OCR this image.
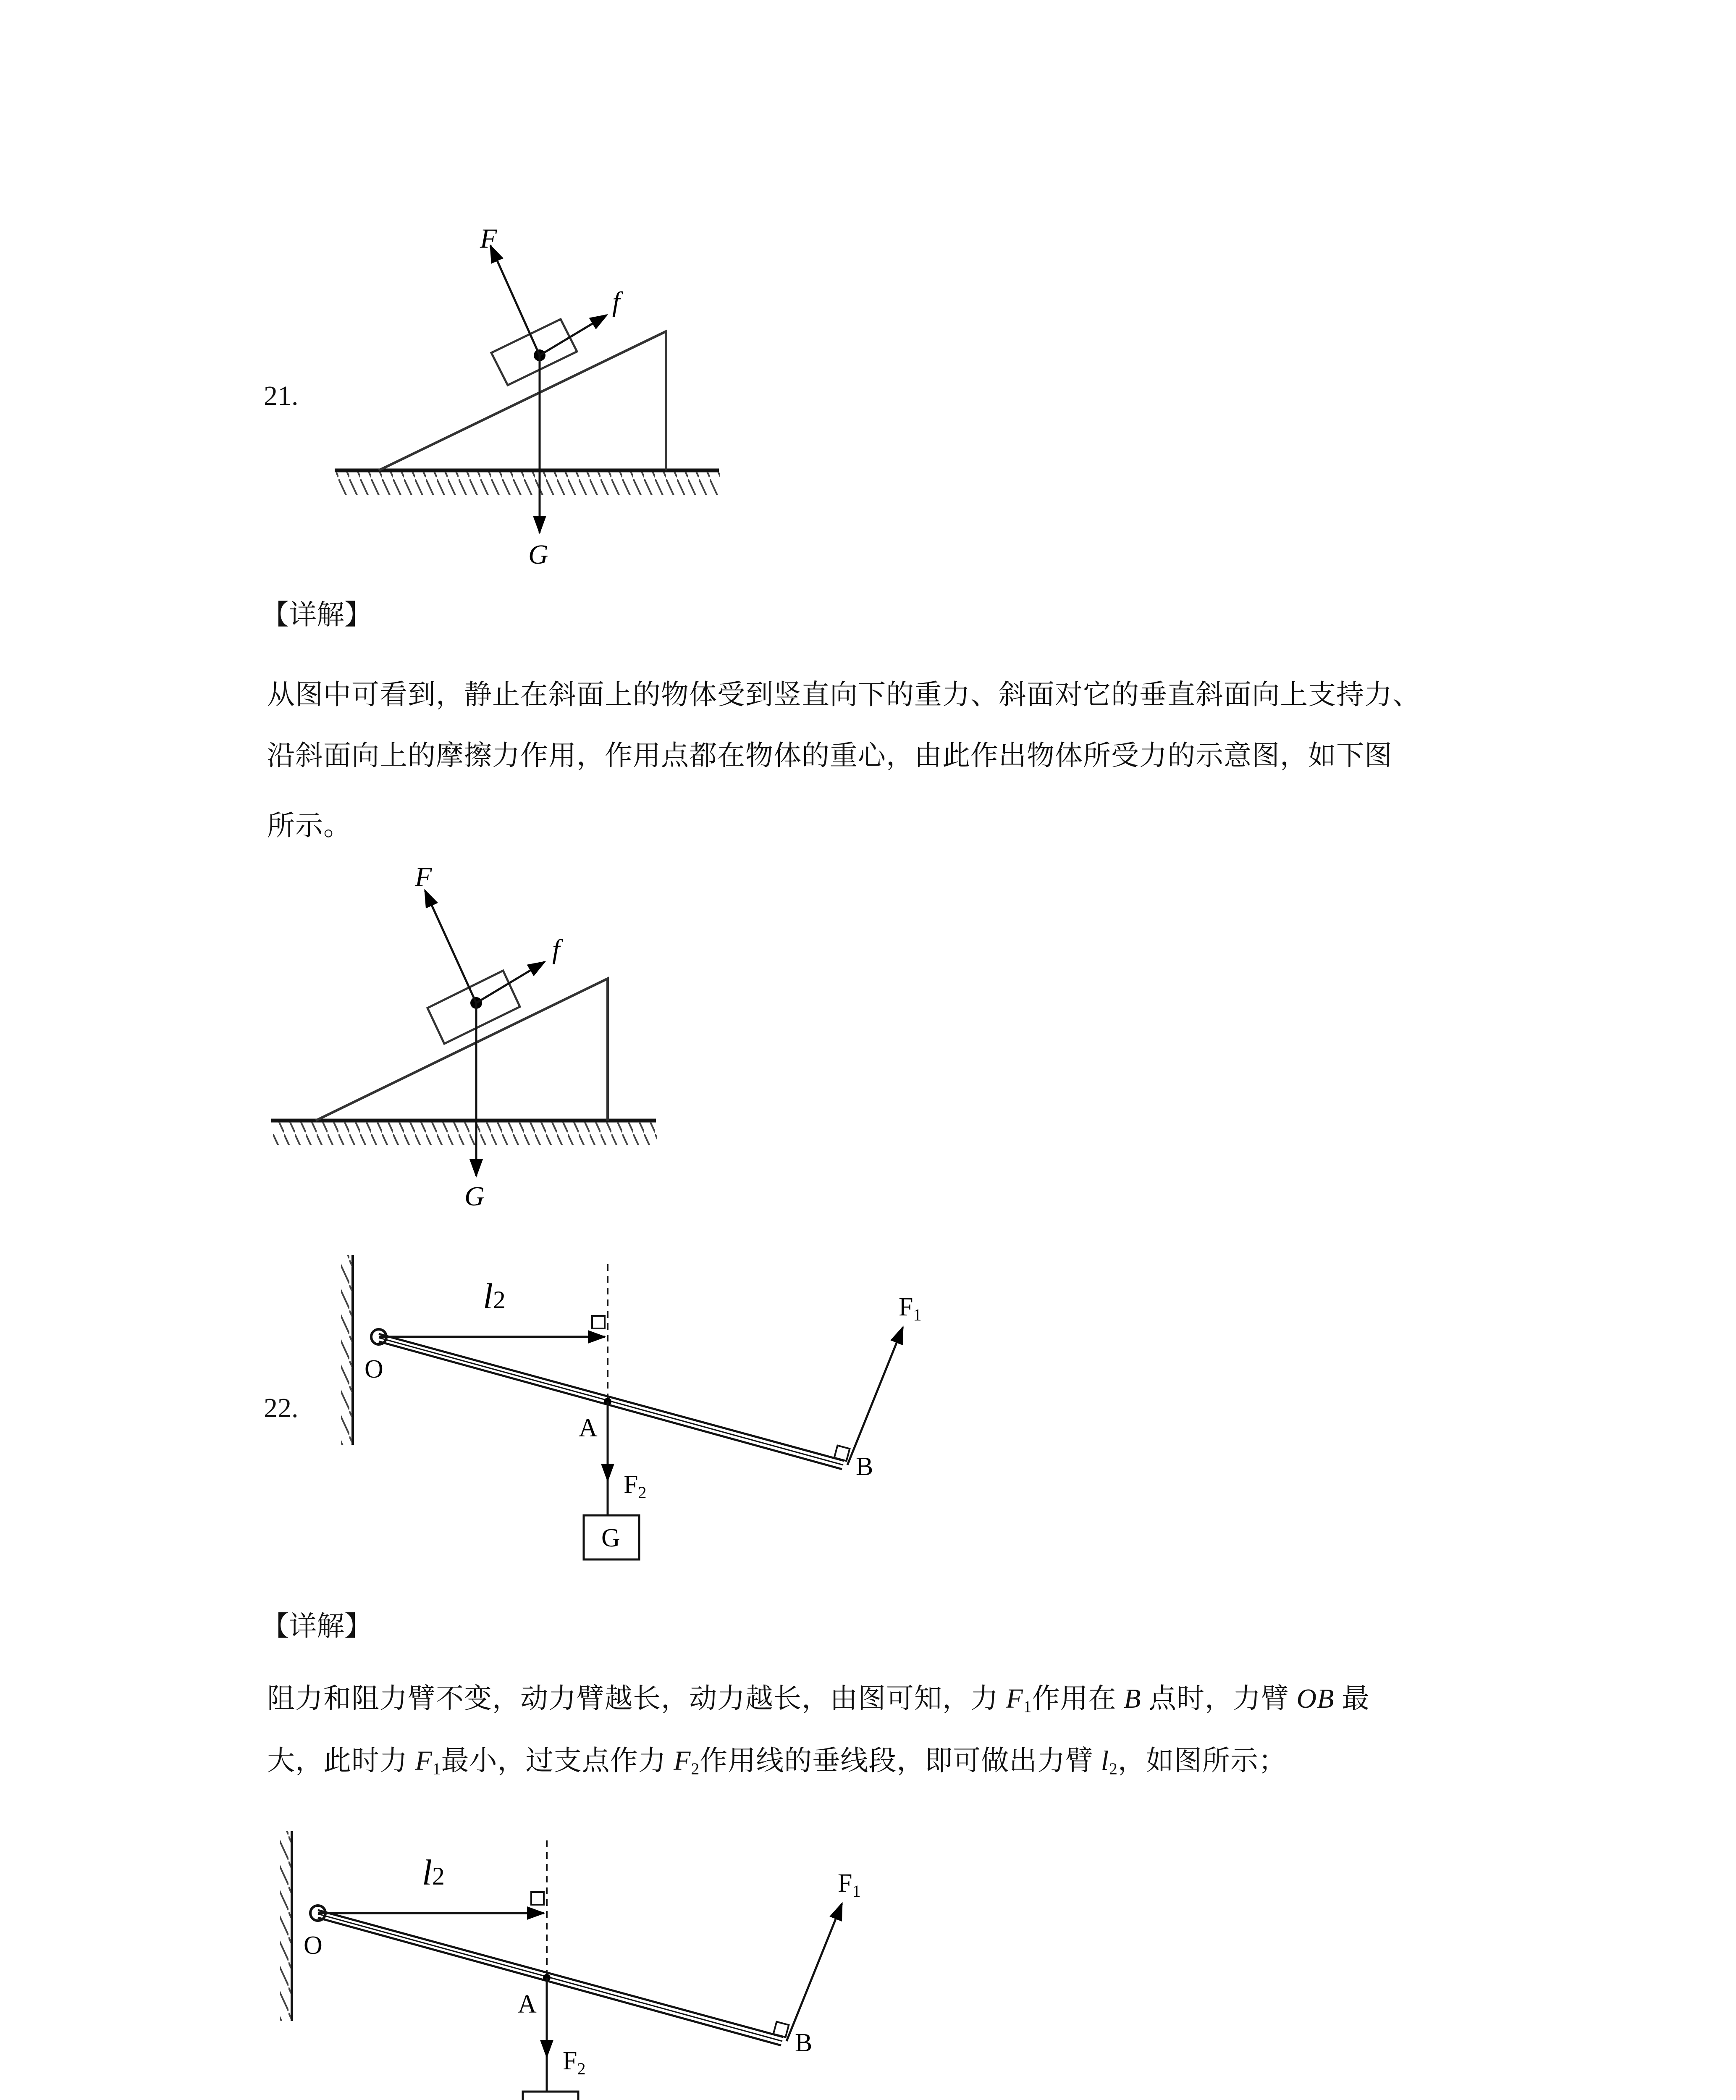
21.
F
f
G
F
f
G
l2
O
A
B
F1
F2
G
l2
O
A
B
F1
F2
【详解】
从图中可看到，静止在斜面上的物体受到竖直向下的重力、斜面对它的垂直斜面向上支持力、
沿斜面向上的摩擦力作用，作用点都在物体的重心，由此作出物体所受力的示意图，如下图
所示。
22.
【详解】
阻力和阻力臂不变，动力臂越长，动力越长，由图可知，力 $F_1$作用在 B 点时，力臂 OB 最
大，此时力 $F_1$最小，过支点作力 $F_2$作用线的垂线段，即可做出力臂 $l_2$，如图所示；
